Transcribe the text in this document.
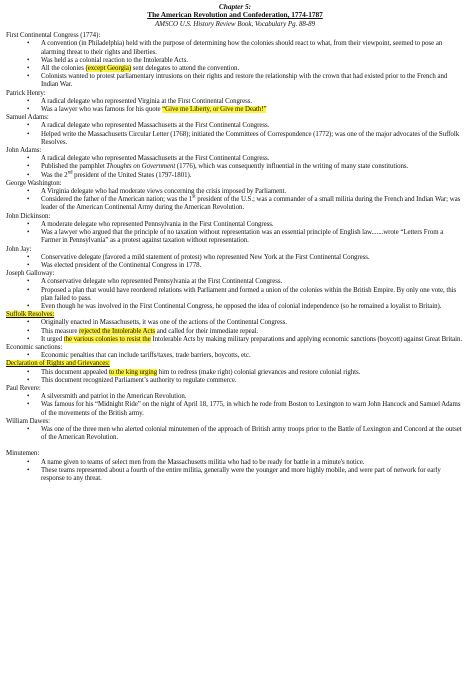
Chapter 5:
The American Revolution and Confederation, 1774-1787
AMSCO U.S. History Review Book, Vocabulary Pg. 88-89
First Continental Congress (1774):
• A convention (in Philadelphia) held with the purpose of determining how the colonies should react to what, from their viewpoint, seemed to pose an alarming threat to their rights and liberties.
• Was held as a colonial reaction to the Intolerable Acts.
• All the colonies (except Georgia) sent delegates to attend the convention.
• Colonists wanted to protest parliamentary intrusions on their rights and restore the relationship with the crown that had existed prior to the French and Indian War.
Patrick Henry:
• A radical delegate who represented Virginia at the First Continental Congress.
• Was a lawyer who was famous for his quote “Give me Liberty, or Give me Death!”
Samuel Adams:
• A radical delegate who represented Massachusetts at the First Continental Congress.
• Helped write the Massachusetts Circular Letter (1768); initiated the Committees of Correspondence (1772); was one of the major advocates of the Suffolk Resolves.
John Adams:
• A radical delegate who represented Massachusetts at the First Continental Congress.
• Published the pamphlet Thoughts on Government (1776), which was consequently influential in the writing of many state constitutions.
• Was the 2nd president of the United States (1797-1801).
George Washington:
• A Virginia delegate who had moderate views concerning the crisis imposed by Parliament.
• Considered the father of the American nation; was the 1st president of the U.S.; was a commander of a small militia during the French and Indian War; was leader of the American Continental Army during the American Revolution.
John Dickinson:
• A moderate delegate who represented Pennsylvania in the First Continental Congress.
• Was a lawyer who argued that the principle of no taxation without representation was an essential principle of English law.......wrote “Letters From a Farmer in Pennsylvania” as a protest against taxation without representation.
John Jay:
• Conservative delegate (favored a mild statement of protest) who represented New York at the First Continental Congress.
• Was elected president of the Continental Congress in 1778.
Joseph Galloway:
• A conservative delegate who represented Pennsylvania at the First Continental Congress.
• Proposed a plan that would have reordered relations with Parliament and formed a union of the colonies within the British Empire. By only one vote, this plan failed to pass.
• Even though he was involved in the First Continental Congress, he opposed the idea of colonial independence (so he remained a loyalist to Britain).
Suffolk Resolves:
• Originally enacted in Massachusetts, it was one of the actions of the Continental Congress.
• This measure rejected the Intolerable Acts and called for their immediate repeal.
• It urged the various colonies to resist the Intolerable Acts by making military preparations and applying economic sanctions (boycott) against Great Britain.
Economic sanctions:
• Economic penalties that can include tariffs/taxes, trade barriers, boycotts, etc.
Declaration of Rights and Grievances:
• This document appealed to the king urging him to redress (make right) colonial grievances and restore colonial rights.
• This document recognized Parliament’s authority to regulate commerce.
Paul Revere:
• A silversmith and patriot in the American Revolution.
• Was famous for his “Midnight Ride” on the night of April 18, 1775, in which he rode from Boston to Lexington to warn John Hancock and Samuel Adams of the movements of the British army.
William Dawes:
• Was one of the three men who alerted colonial minutemen of the approach of British army troops prior to the Battle of Lexington and Concord at the outset of the American Revolution.
Minutemen:
• A name given to teams of select men from the Massachusetts militia who had to be ready for battle in a minute's notice.
• These teams represented about a fourth of the entire militia, generally were the younger and more highly mobile, and were part of network for early response to any threat.
